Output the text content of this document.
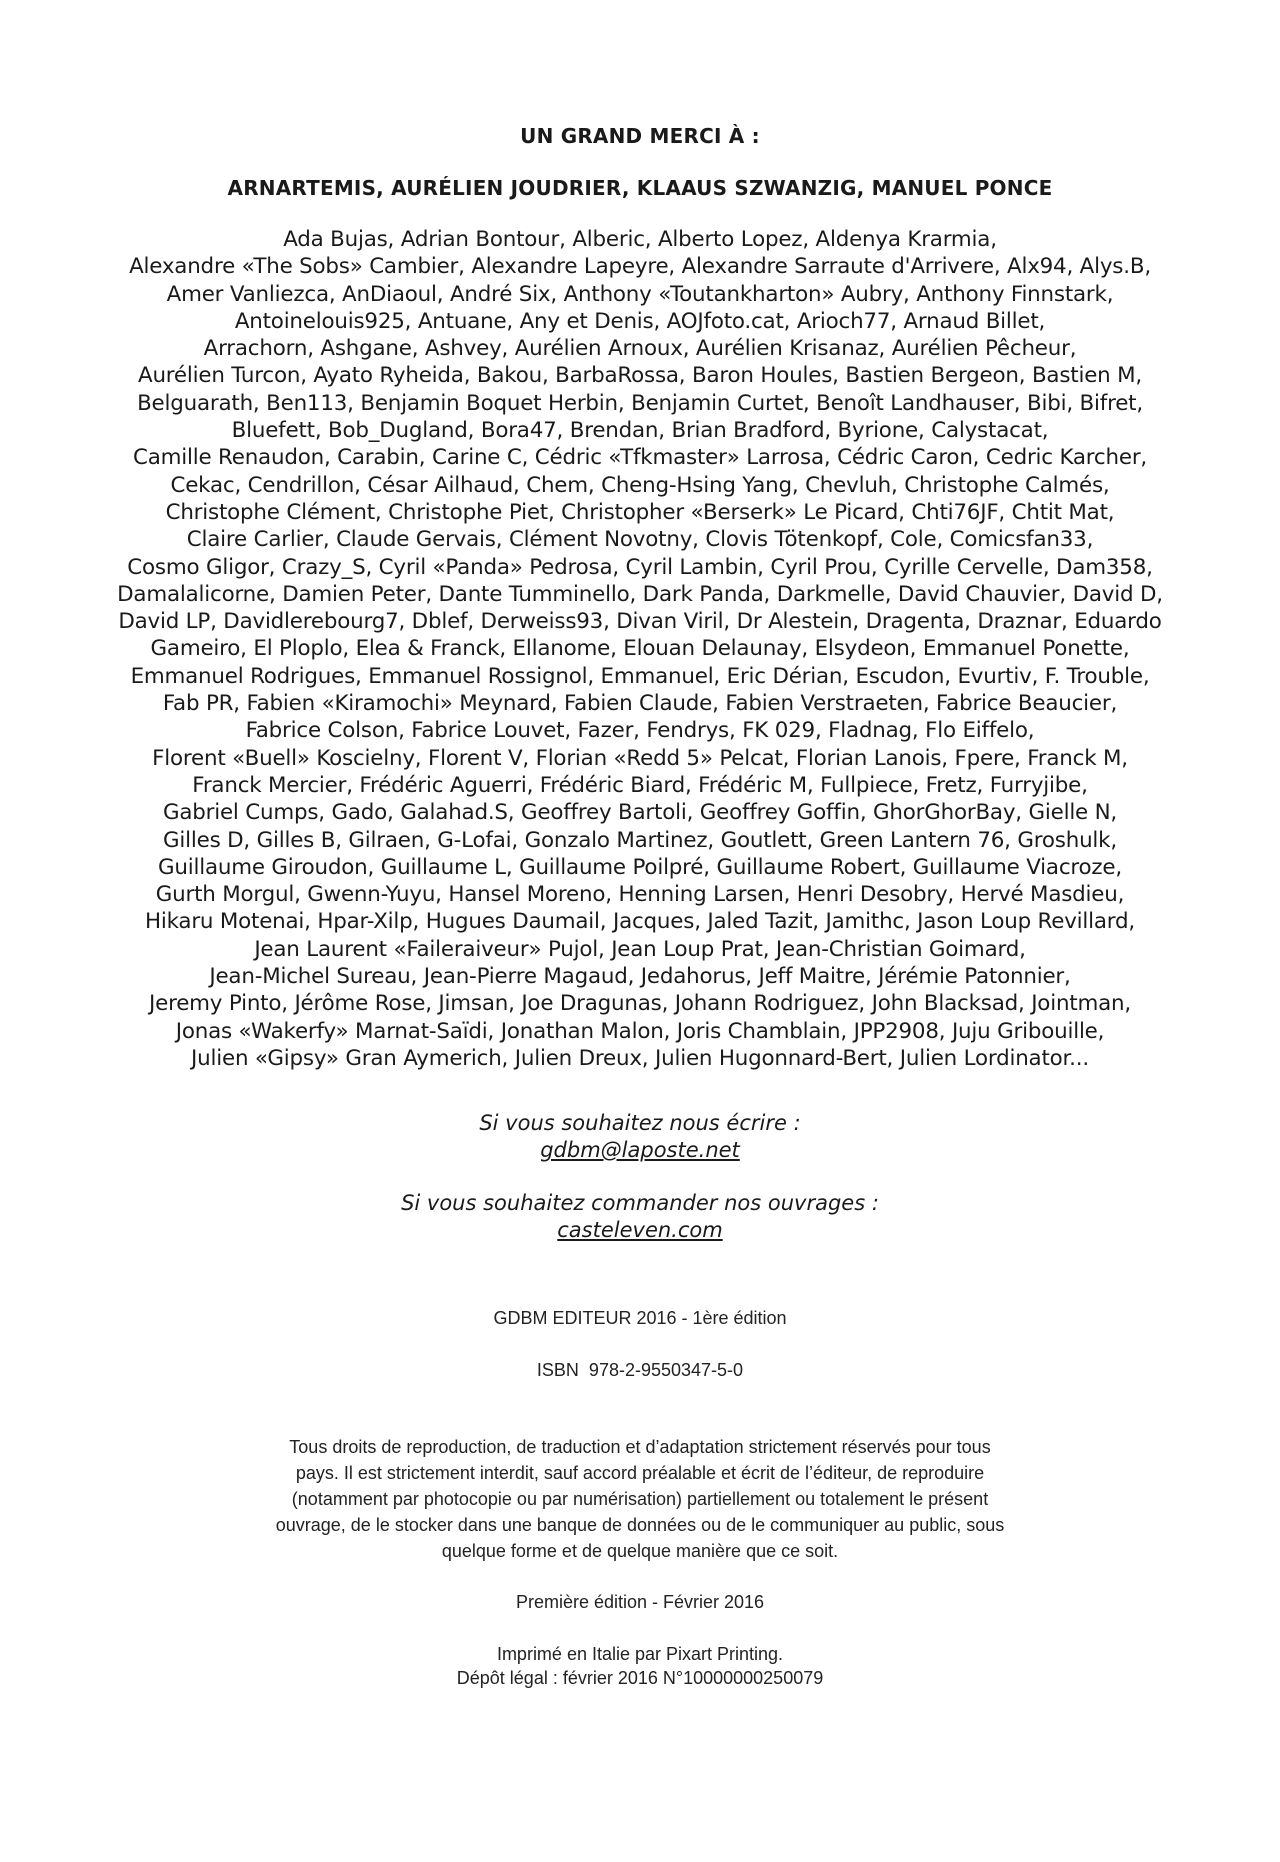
UN GRAND MERCI À :
ARNARTEMIS, AURÉLIEN JOUDRIER, KLAAUS SZWANZIG, MANUEL PONCE
Ada Bujas, Adrian Bontour, Alberic, Alberto Lopez, Aldenya Krarmia,
Alexandre «The Sobs» Cambier, Alexandre Lapeyre, Alexandre Sarraute d'Arrivere, Alx94, Alys.B,
Amer Vanliezca, AnDiaoul, André Six, Anthony «Toutankharton» Aubry, Anthony Finnstark,
Antoinelouis925, Antuane, Any et Denis, AOJfoto.cat, Arioch77, Arnaud Billet,
Arrachorn, Ashgane, Ashvey, Aurélien Arnoux, Aurélien Krisanaz, Aurélien Pêcheur,
Aurélien Turcon, Ayato Ryheida, Bakou, BarbaRossa, Baron Houles, Bastien Bergeon, Bastien M,
Belguarath, Ben113, Benjamin Boquet Herbin, Benjamin Curtet, Benoît Landhauser, Bibi, Bifret,
Bluefett, Bob_Dugland, Bora47, Brendan, Brian Bradford, Byrione, Calystacat,
Camille Renaudon, Carabin, Carine C, Cédric «Tfkmaster» Larrosa, Cédric Caron, Cedric Karcher,
Cekac, Cendrillon, César Ailhaud, Chem, Cheng-Hsing Yang, Chevluh, Christophe Calmés,
Christophe Clément, Christophe Piet, Christopher «Berserk» Le Picard, Chti76JF, Chtit Mat,
Claire Carlier, Claude Gervais, Clément Novotny, Clovis Tötenkopf, Cole, Comicsfan33,
Cosmo Gligor, Crazy_S, Cyril «Panda» Pedrosa, Cyril Lambin, Cyril Prou, Cyrille Cervelle, Dam358,
Damalalicorne, Damien Peter, Dante Tumminello, Dark Panda, Darkmelle, David Chauvier, David D,
David LP, Davidlerebourg7, Dblef, Derweiss93, Divan Viril, Dr Alestein, Dragenta, Draznar, Eduardo
Gameiro, El Ploplo, Elea & Franck, Ellanome, Elouan Delaunay, Elsydeon, Emmanuel Ponette,
Emmanuel Rodrigues, Emmanuel Rossignol, Emmanuel, Eric Dérian, Escudon, Evurtiv, F. Trouble,
Fab PR, Fabien «Kiramochi» Meynard, Fabien Claude, Fabien Verstraeten, Fabrice Beaucier,
Fabrice Colson, Fabrice Louvet, Fazer, Fendrys, FK 029, Fladnag, Flo Eiffelo,
Florent «Buell» Koscielny, Florent V, Florian «Redd 5» Pelcat, Florian Lanois, Fpere, Franck M,
Franck Mercier, Frédéric Aguerri, Frédéric Biard, Frédéric M, Fullpiece, Fretz, Furryjibe,
Gabriel Cumps, Gado, Galahad.S, Geoffrey Bartoli, Geoffrey Goffin, GhorGhorBay, Gielle N,
Gilles D, Gilles B, Gilraen, G-Lofai, Gonzalo Martinez, Goutlett, Green Lantern 76, Groshulk,
Guillaume Giroudon, Guillaume L, Guillaume Poilpré, Guillaume Robert, Guillaume Viacroze,
Gurth Morgul, Gwenn-Yuyu, Hansel Moreno, Henning Larsen, Henri Desobry, Hervé Masdieu,
Hikaru Motenai, Hpar-Xilp, Hugues Daumail, Jacques, Jaled Tazit, Jamithc, Jason Loup Revillard,
Jean Laurent «Faileraiveur» Pujol, Jean Loup Prat, Jean-Christian Goimard,
Jean-Michel Sureau, Jean-Pierre Magaud, Jedahorus, Jeff Maitre, Jérémie Patonnier,
Jeremy Pinto, Jérôme Rose, Jimsan, Joe Dragunas, Johann Rodriguez, John Blacksad, Jointman,
Jonas «Wakerfy» Marnat-Saïdi, Jonathan Malon, Joris Chamblain, JPP2908, Juju Gribouille,
Julien «Gipsy» Gran Aymerich, Julien Dreux, Julien Hugonnard-Bert, Julien Lordinator...
Si vous souhaitez nous écrire :
gdbm@laposte.net
Si vous souhaitez commander nos ouvrages :
casteleven.com
GDBM EDITEUR 2016 - 1ère édition
ISBN  978-2-9550347-5-0
Tous droits de reproduction, de traduction et d’adaptation strictement réservés pour tous
pays. Il est strictement interdit, sauf accord préalable et écrit de l’éditeur, de reproduire
(notamment par photocopie ou par numérisation) partiellement ou totalement le présent
ouvrage, de le stocker dans une banque de données ou de le communiquer au public, sous
quelque forme et de quelque manière que ce soit.
Première édition - Février 2016
Imprimé en Italie par Pixart Printing.
Dépôt légal : février 2016 N°10000000250079
